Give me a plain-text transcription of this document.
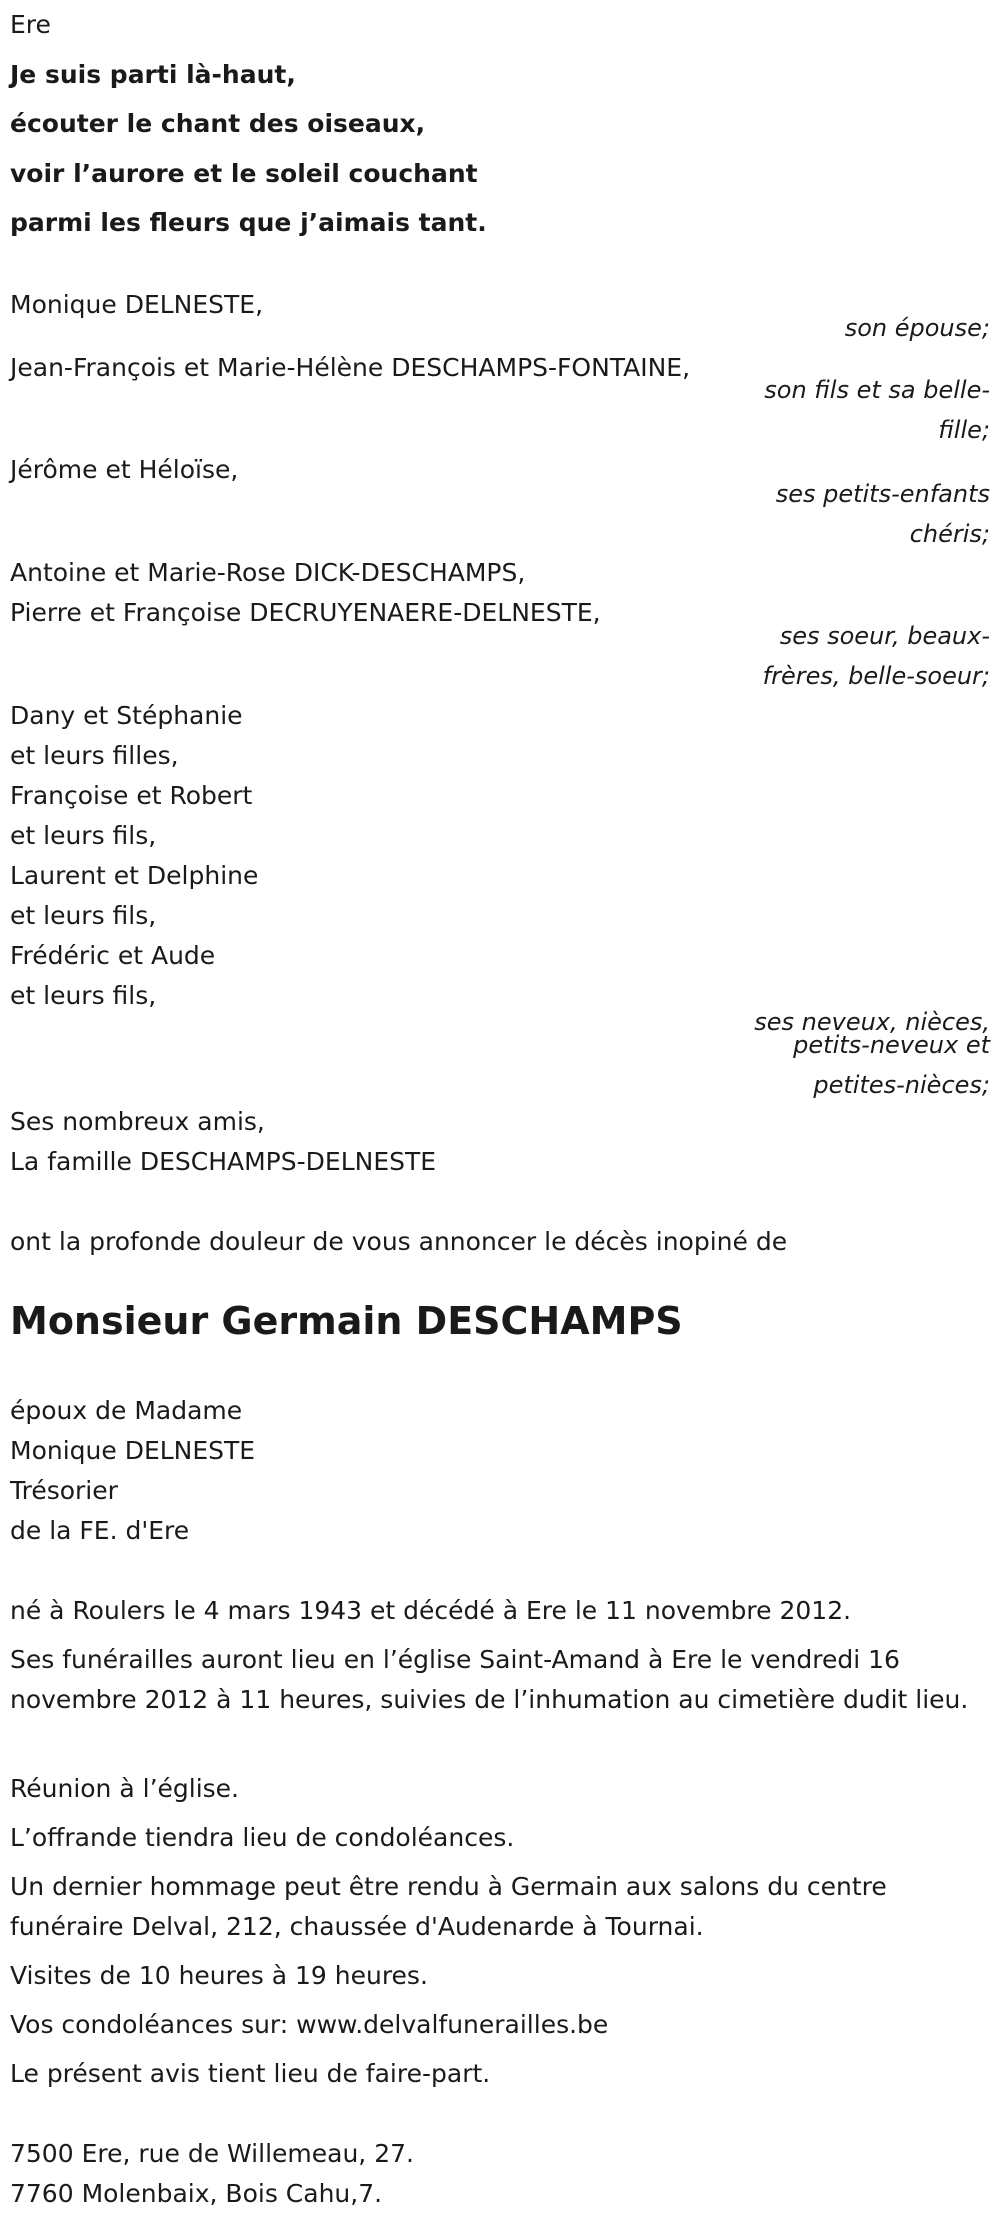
Ere
Je suis parti là-haut,
écouter le chant des oiseaux,
voir l’aurore et le soleil couchant
parmi les fleurs que j’aimais tant.
Monique DELNESTE,
son épouse;
Jean-François et Marie-Hélène DESCHAMPS-FONTAINE,
son fils et sa belle-
fille;
Jérôme et Héloïse,
ses petits-enfants
chéris;
Antoine et Marie-Rose DICK-DESCHAMPS,
Pierre et Françoise DECRUYENAERE-DELNESTE,
ses soeur, beaux-
frères, belle-soeur;
Dany et Stéphanie
et leurs filles,
Françoise et Robert
et leurs fils,
Laurent et Delphine
et leurs fils,
Frédéric et Aude
et leurs fils,
ses neveux, nièces,
petits-neveux et
petites-nièces;
Ses nombreux amis,
La famille DESCHAMPS-DELNESTE
ont la profonde douleur de vous annoncer le décès inopiné de
Monsieur Germain DESCHAMPS
époux de Madame
Monique DELNESTE
Trésorier
de la FE. d'Ere
né à Roulers le 4 mars 1943 et décédé à Ere le 11 novembre 2012.
Ses funérailles auront lieu en l’église Saint-Amand à Ere le vendredi 16 novembre 2012 à 11 heures, suivies de l’inhumation au cimetière dudit lieu.
Réunion à l’église.
L’offrande tiendra lieu de condoléances.
Un dernier hommage peut être rendu à Germain aux salons du centre funéraire Delval, 212, chaussée d'Audenarde à Tournai.
Visites de 10 heures à 19 heures.
Vos condoléances sur: www.delvalfunerailles.be
Le présent avis tient lieu de faire-part.
7500 Ere, rue de Willemeau, 27.
7760 Molenbaix, Bois Cahu,7.
